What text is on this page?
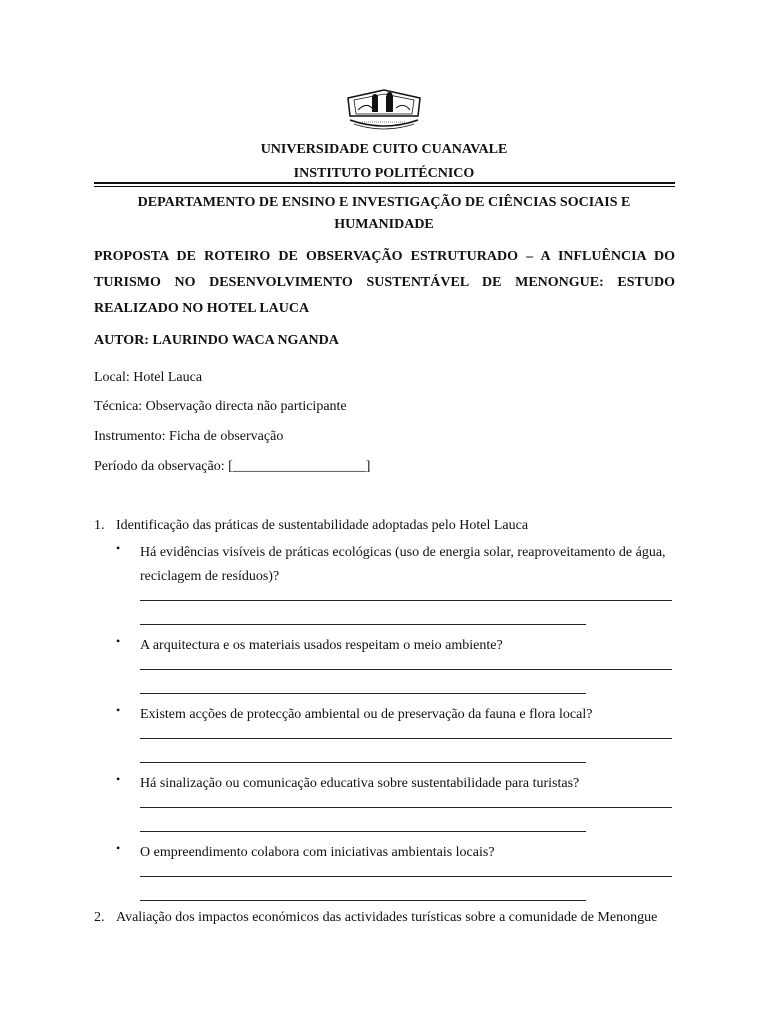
UNIVERSIDADE CUITO CUANAVALE
INSTITUTO POLITÉCNICO
DEPARTAMENTO DE ENSINO E INVESTIGAÇÃO DE CIÊNCIAS SOCIAIS E HUMANIDADE
PROPOSTA DE ROTEIRO DE OBSERVAÇÃO ESTRUTURADO – A INFLUÊNCIA DO TURISMO NO DESENVOLVIMENTO SUSTENTÁVEL DE MENONGUE: ESTUDO REALIZADO NO HOTEL LAUCA
AUTOR: LAURINDO WACA NGANDA
Local: Hotel Lauca
Técnica: Observação directa não participante
Instrumento: Ficha de observação
Período da observação: [___________________]
1. Identificação das práticas de sustentabilidade adoptadas pelo Hotel Lauca
• Há evidências visíveis de práticas ecológicas (uso de energia solar, reaproveitamento de água, reciclagem de resíduos)?
• A arquitectura e os materiais usados respeitam o meio ambiente?
• Existem acções de protecção ambiental ou de preservação da fauna e flora local?
• Há sinalização ou comunicação educativa sobre sustentabilidade para turistas?
• O empreendimento colabora com iniciativas ambientais locais?
2. Avaliação dos impactos económicos das actividades turísticas sobre a comunidade de Menongue
